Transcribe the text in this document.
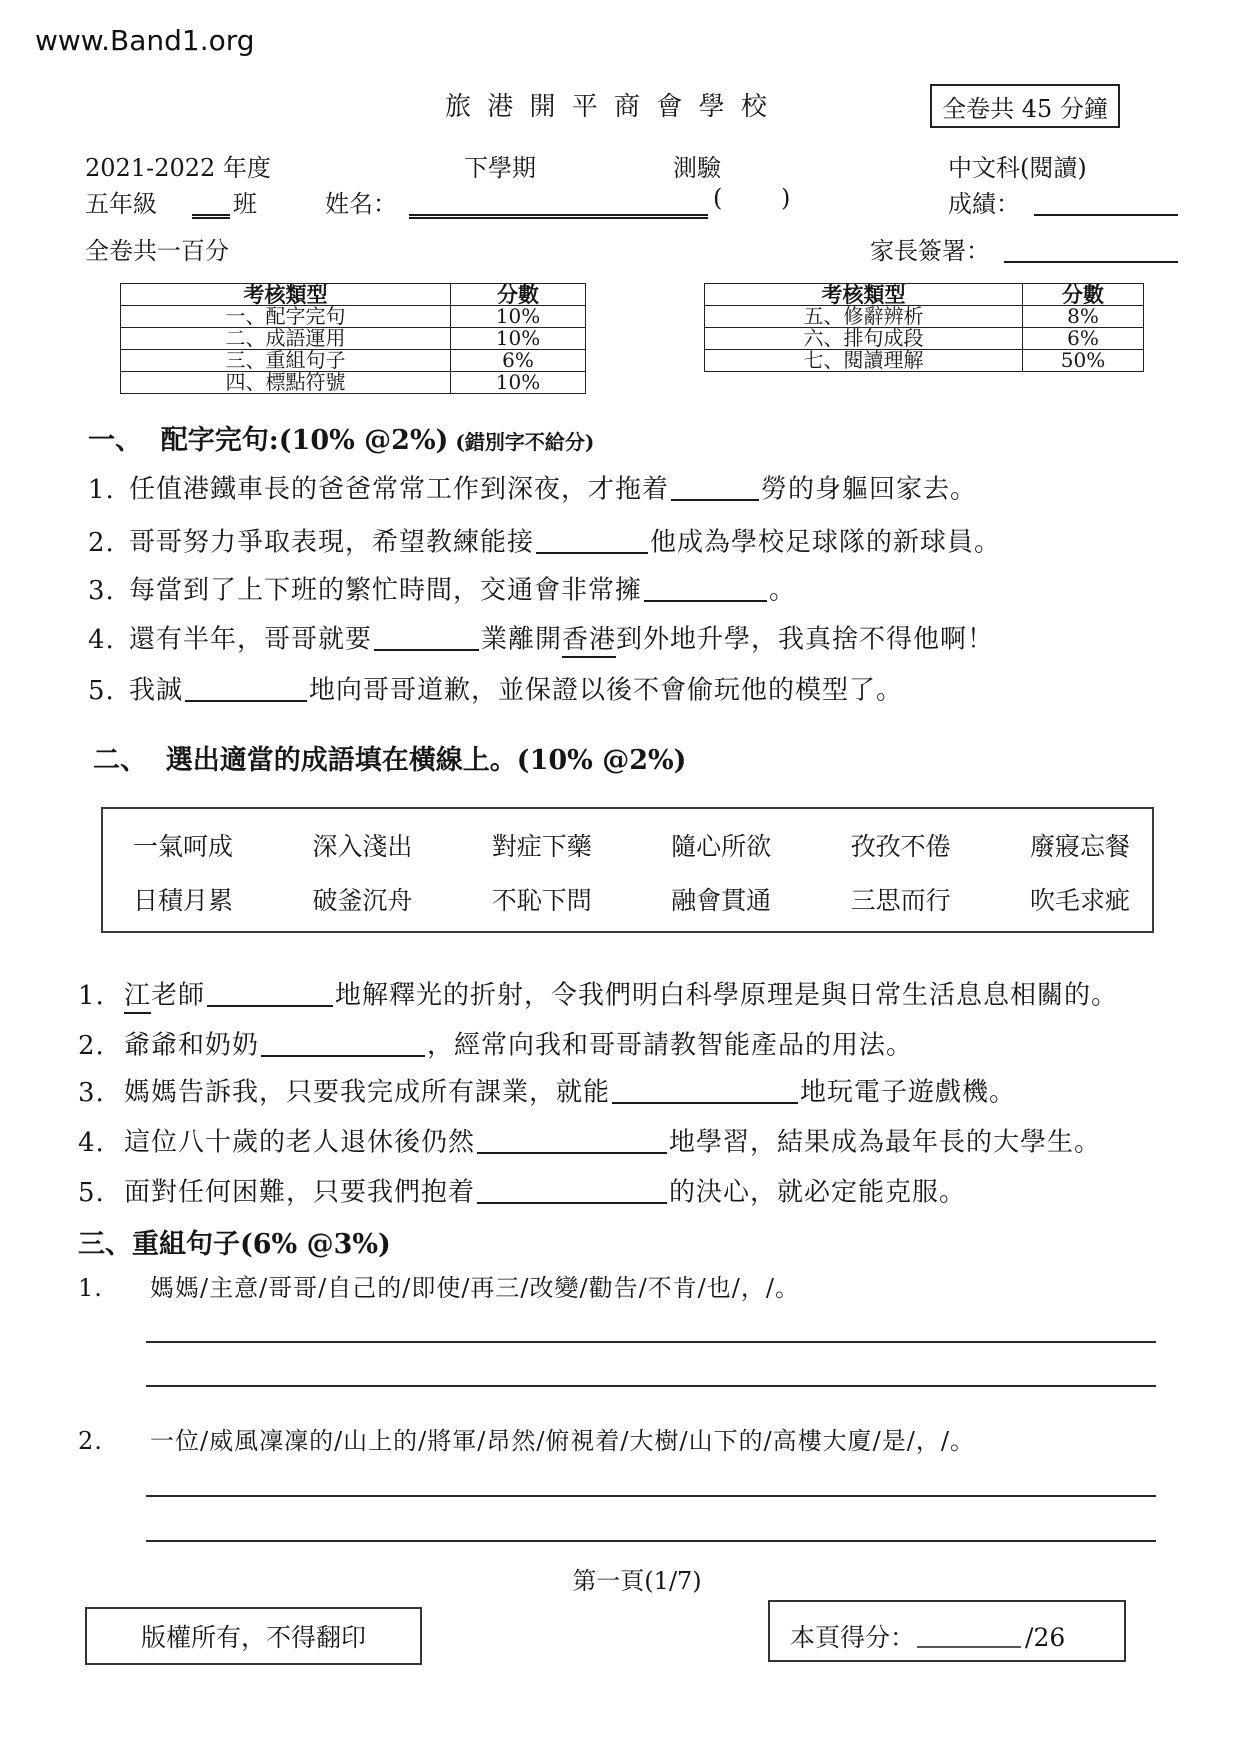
www.Band1.org
旅 港 開 平 商 會 學 校	全卷共 45 分鐘
2021-2022 年度	下學期	測驗	中文科(閱讀)
五年級	班	姓名：	( )	成績：
全卷共一百分	家長簽署：
考核類型	分數
一、配字完句	10%
二、成語運用	10%
三、重組句子	6%
四、標點符號	10%
考核類型	分數
五、修辭辨析	8%
六、排句成段	6%
七、閱讀理解	50%
一、  配字完句:(10% @2%) (錯別字不給分)
1. 任值港鐵車長的爸爸常常工作到深夜，才拖着	勞的身軀回家去。
2. 哥哥努力爭取表現，希望教練能接	他成為學校足球隊的新球員。
3. 每當到了上下班的繁忙時間，交通會非常擁	。
4. 還有半年，哥哥就要	業離開香港到外地升學，我真捨不得他啊！
5. 我誠	地向哥哥道歉，並保證以後不會偷玩他的模型了。
二、  選出適當的成語填在橫線上。(10% @2%)
一氣呵成	深入淺出	對症下藥	隨心所欲	孜孜不倦	廢寢忘餐
日積月累	破釜沉舟	不恥下問	融會貫通	三思而行	吹毛求疵
1. 江老師	地解釋光的折射，令我們明白科學原理是與日常生活息息相關的。
2. 爺爺和奶奶	，經常向我和哥哥請教智能產品的用法。
3. 媽媽告訴我，只要我完成所有課業，就能	地玩電子遊戲機。
4. 這位八十歲的老人退休後仍然	地學習，結果成為最年長的大學生。
5. 面對任何困難，只要我們抱着	的決心，就必定能克服。
三、重組句子(6% @3%)
1. 媽媽/主意/哥哥/自己的/即使/再三/改變/勸告/不肯/也/，/。
2. 一位/威風凜凜的/山上的/將軍/昂然/俯視着/大樹/山下的/高樓大廈/是/，/。
第一頁(1/7)
版權所有，不得翻印	本頁得分：	/26
